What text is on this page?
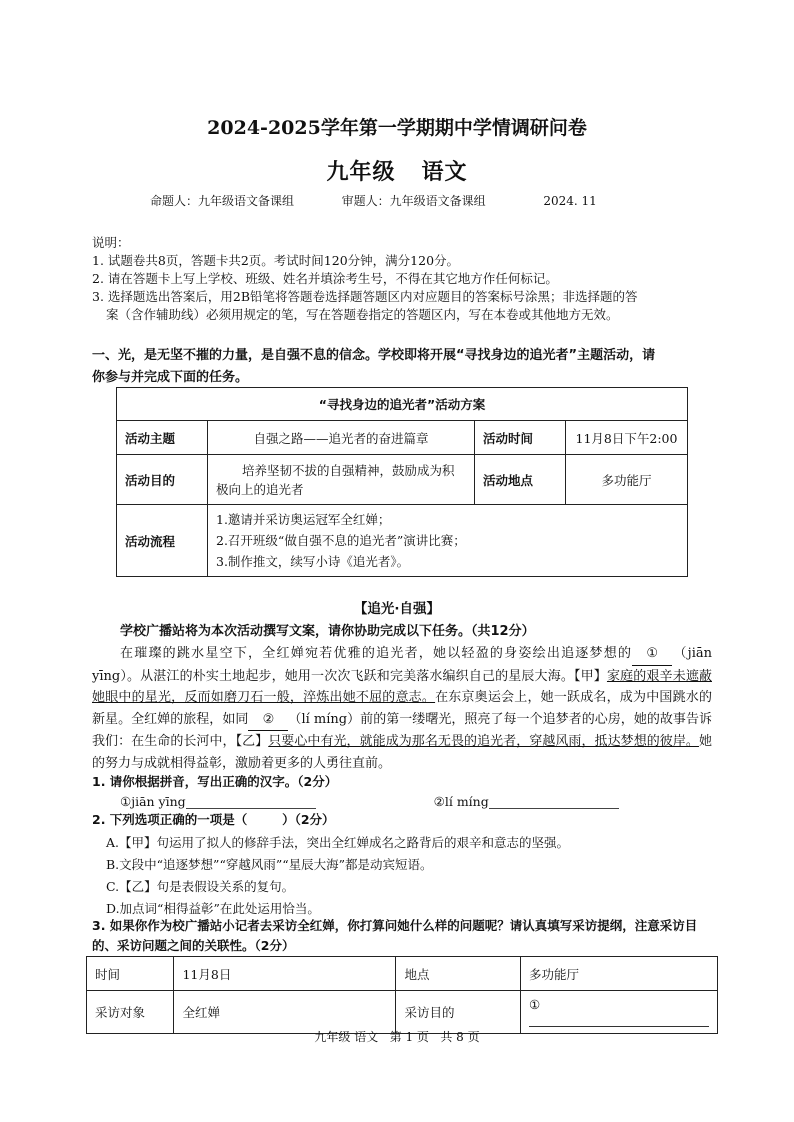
2024-2025学年第一学期期中学情调研问卷
九年级   语文
命题人：九年级语文备课组	审题人：九年级语文备课组	2024. 11
说明：
1. 试题卷共8页，答题卡共2页。考试时间120分钟，满分120分。
2. 请在答题卡上写上学校、班级、姓名并填涂考生号，不得在其它地方作任何标记。
3. 选择题选出答案后，用2B铅笔将答题卷选择题答题区内对应题目的答案标号涂黑；非选择题的答
案（含作辅助线）必须用规定的笔，写在答题卷指定的答题区内，写在本卷或其他地方无效。
一、光，是无坚不摧的力量，是自强不息的信念。学校即将开展“寻找身边的追光者”主题活动，请
你参与并完成下面的任务。
“寻找身边的追光者”活动方案			
活动主题	自强之路——追光者的奋进篇章	活动时间	11月8日下午2:00
活动目的	培养坚韧不拔的自强精神，鼓励成为积极向上的追光者	活动地点	多功能厅
活动流程	1.邀请并采访奥运冠军全红婵；
2.召开班级“做自强不息的追光者”演讲比赛；
3.制作推文，续写小诗《追光者》。		
【追光·自强】
学校广播站将为本次活动撰写文案，请你协助完成以下任务。（共12分）
在璀璨的跳水星空下，全红婵宛若优雅的追光者，她以轻盈的身姿绘出追逐梦想的 ① （jiān yīng）。从湛江的朴实土地起步，她用一次次飞跃和完美落水编织自己的星辰大海。【甲】家庭的艰辛未遮蔽她眼中的星光，反而如磨刀石一般，淬炼出她不屈的意志。在东京奥运会上，她一跃成名，成为中国跳水的新星。全红婵的旅程，如同 ② （lí míng）前的第一缕曙光，照亮了每一个追梦者的心房，她的故事告诉我们：在生命的长河中，【乙】只要心中有光，就能成为那名无畏的追光者，穿越风雨，抵达梦想的彼岸。她的努力与成就相得益彰，激励着更多的人勇往直前。
1. 请你根据拼音，写出正确的汉字。（2分）
①jiān yīng	②lí míng
2. 下列选项正确的一项是（        ）（2分）
A.【甲】句运用了拟人的修辞手法，突出全红婵成名之路背后的艰辛和意志的坚强。
B.文段中“追逐梦想”“穿越风雨”“星辰大海”都是动宾短语。
C.【乙】句是表假设关系的复句。
D.加点词“相得益彰”在此处运用恰当。
3. 如果你作为校广播站小记者去采访全红婵，你打算问她什么样的问题呢？请认真填写采访提纲，注意采访目的、采访问题之间的关联性。（2分）
时间	11月8日	地点	多功能厅
采访对象	全红婵	采访目的	①
九年级 语文   第 1 页   共 8 页
